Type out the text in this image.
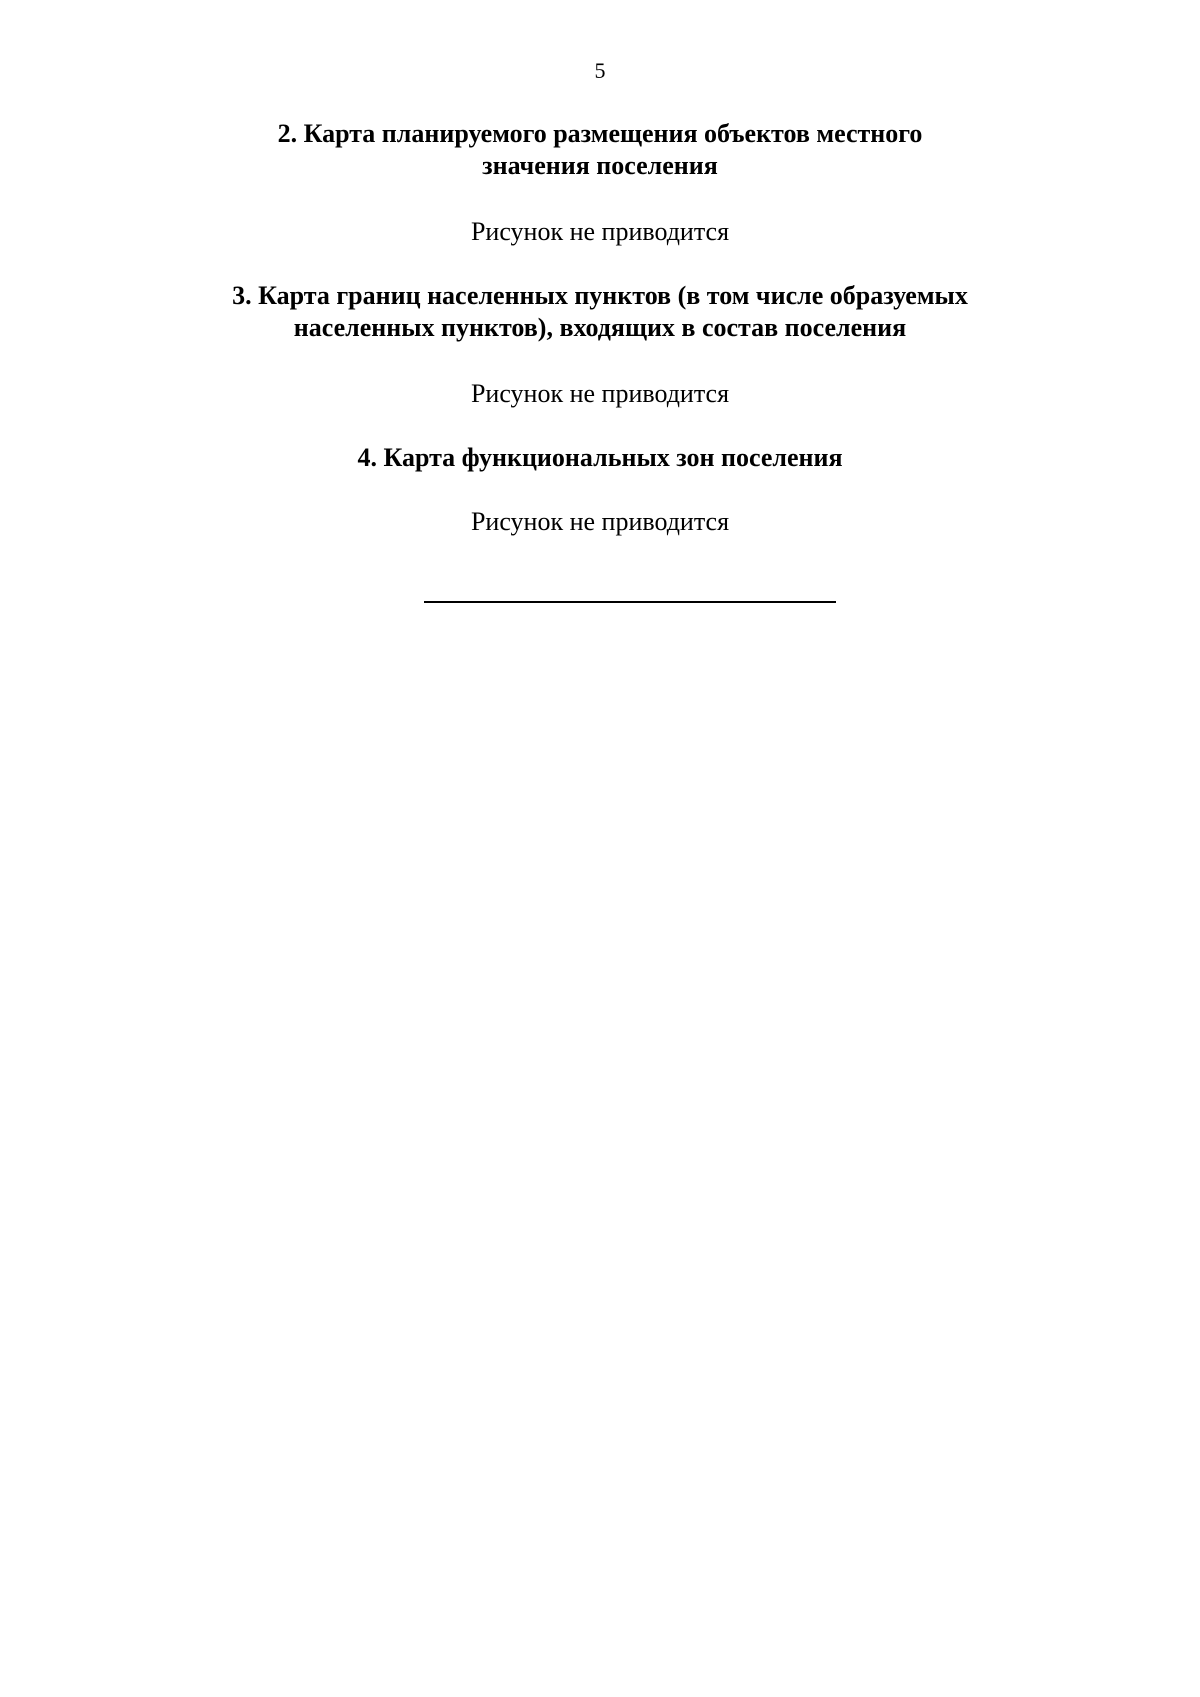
5
2. Карта планируемого размещения объектов местного
значения поселения
Рисунок не приводится
3. Карта границ населенных пунктов (в том числе образуемых
населенных пунктов), входящих в состав поселения
Рисунок не приводится
4. Карта функциональных зон поселения
Рисунок не приводится
